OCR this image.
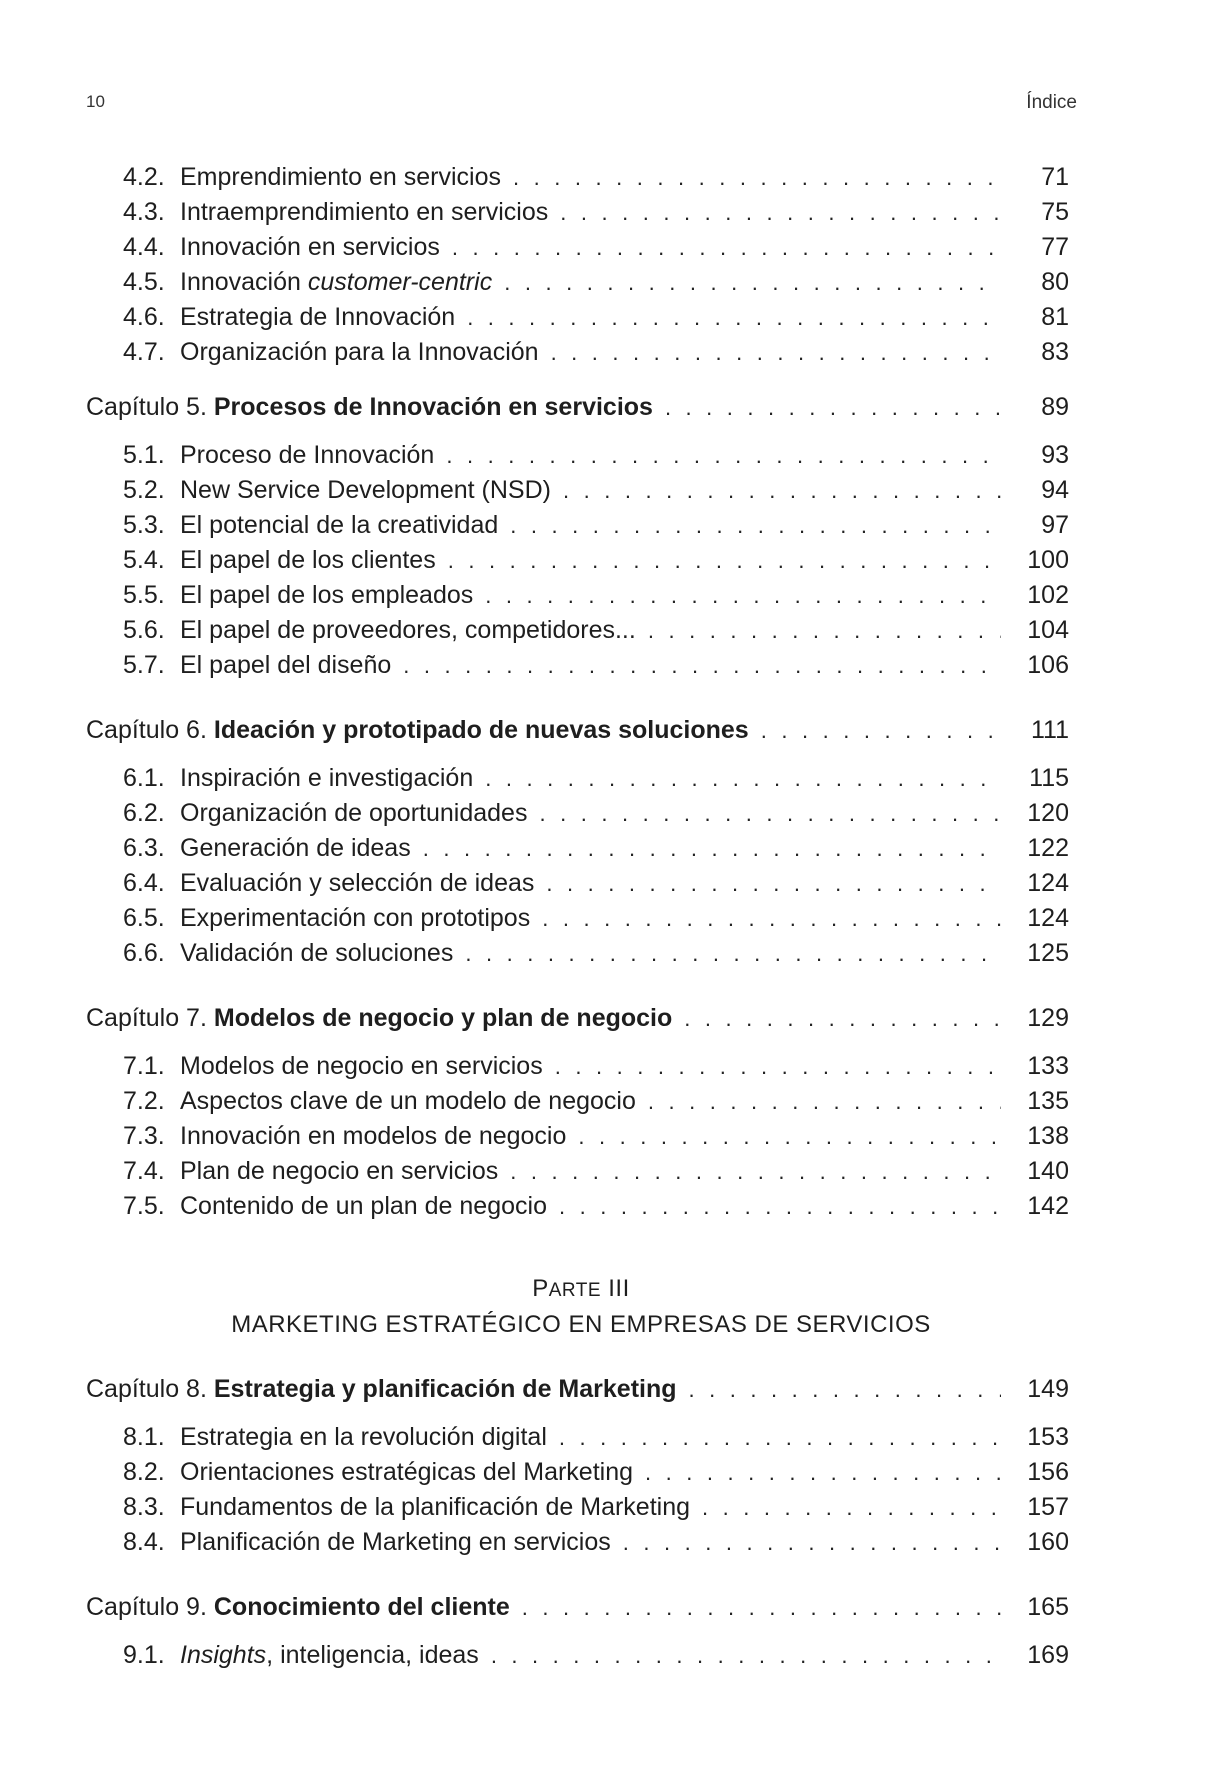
10	Índice
4.2. Emprendimiento en servicios . . .	71
4.3. Intraemprendimiento en servicios . . .	75
4.4. Innovación en servicios . . .	77
4.5. Innovación customer-centric . . .	80
4.6. Estrategia de Innovación . . .	81
4.7. Organización para la Innovación . . .	83
Capítulo 5. Procesos de Innovación en servicios . . .	89
5.1. Proceso de Innovación . . .	93
5.2. New Service Development (NSD) . . .	94
5.3. El potencial de la creatividad . . .	97
5.4. El papel de los clientes . . .	100
5.5. El papel de los empleados . . .	102
5.6. El papel de proveedores, competidores... . . .	104
5.7. El papel del diseño . . .	106
Capítulo 6. Ideación y prototipado de nuevas soluciones . . .	111
6.1. Inspiración e investigación . . .	115
6.2. Organización de oportunidades . . .	120
6.3. Generación de ideas . . .	122
6.4. Evaluación y selección de ideas . . .	124
6.5. Experimentación con prototipos . . .	124
6.6. Validación de soluciones . . .	125
Capítulo 7. Modelos de negocio y plan de negocio . . .	129
7.1. Modelos de negocio en servicios . . .	133
7.2. Aspectos clave de un modelo de negocio . . .	135
7.3. Innovación en modelos de negocio . . .	138
7.4. Plan de negocio en servicios . . .	140
7.5. Contenido de un plan de negocio . . .	142
PARTE III
MARKETING ESTRATÉGICO EN EMPRESAS DE SERVICIOS
Capítulo 8. Estrategia y planificación de Marketing . . .	149
8.1. Estrategia en la revolución digital . . .	153
8.2. Orientaciones estratégicas del Marketing . . .	156
8.3. Fundamentos de la planificación de Marketing . . .	157
8.4. Planificación de Marketing en servicios . . .	160
Capítulo 9. Conocimiento del cliente . . .	165
9.1. Insights, inteligencia, ideas . . .	169
